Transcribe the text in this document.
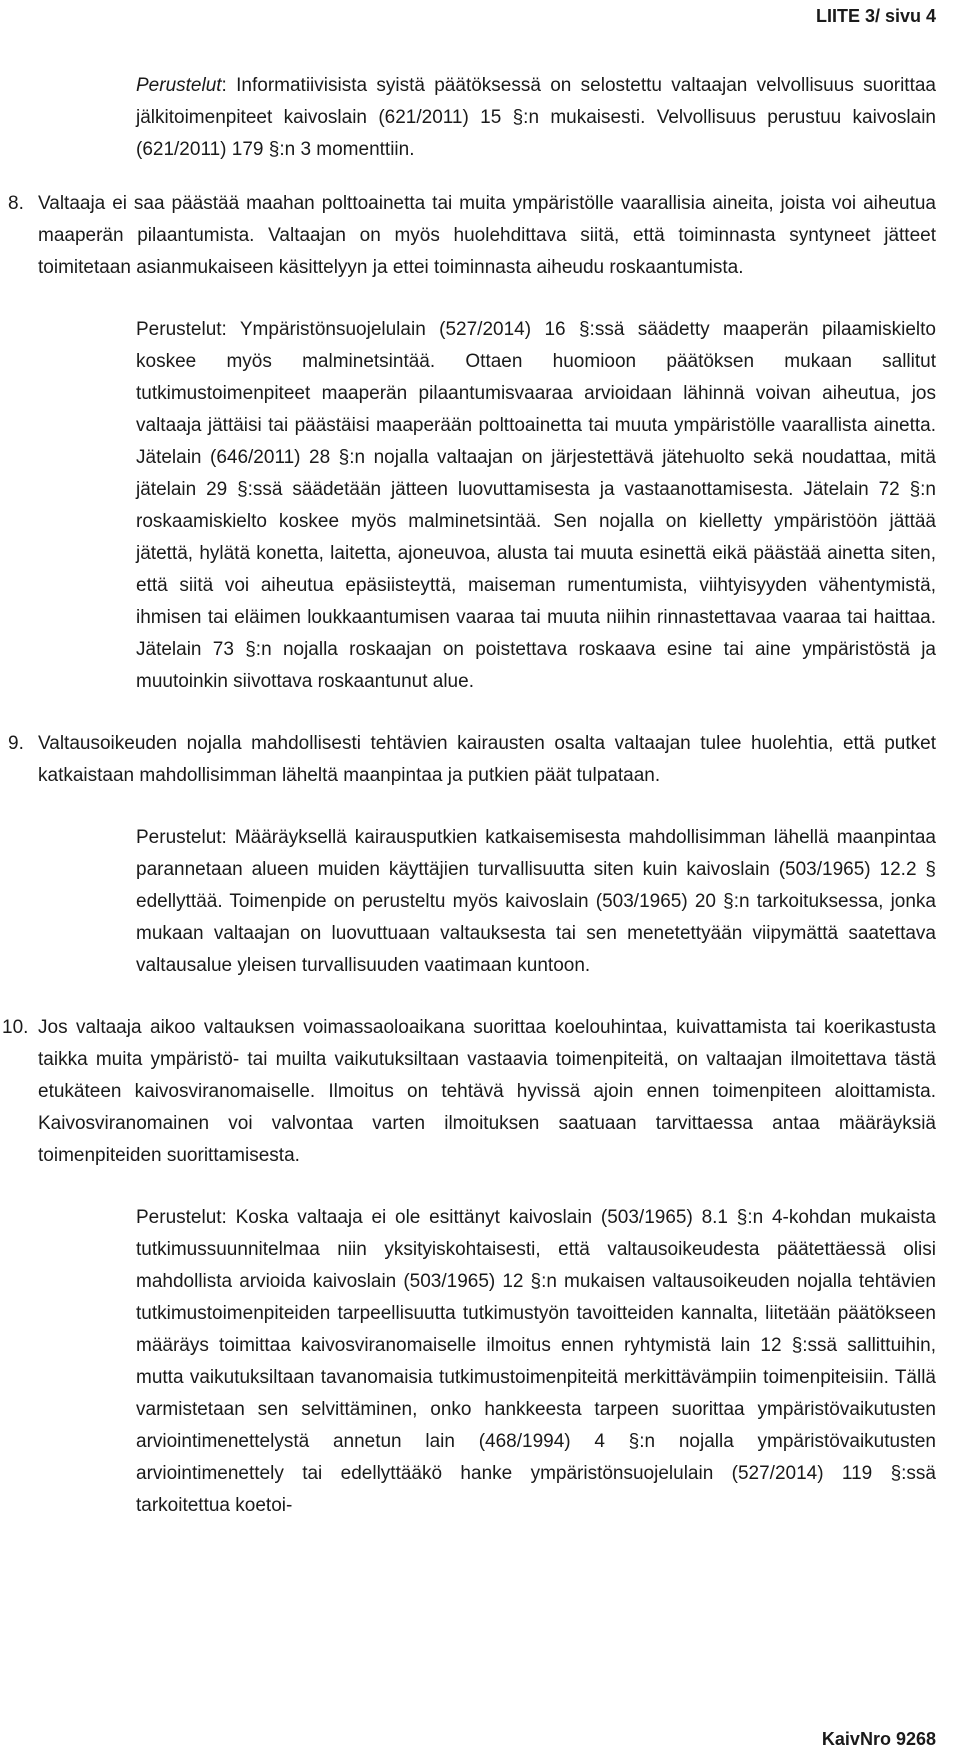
LIITE 3/ sivu 4

Perustelut: Informatiivisista syistä päätöksessä on selostettu valtaajan velvollisuus suorittaa jälkitoimenpiteet kaivoslain (621/2011) 15 §:n mukaisesti. Velvollisuus perustuu kaivoslain (621/2011) 179 §:n 3 momenttiin.

8. Valtaaja ei saa päästää maahan polttoainetta tai muita ympäristölle vaarallisia aineita, joista voi aiheutua maaperän pilaantumista. Valtaajan on myös huolehdittava siitä, että toiminnasta syntyneet jätteet toimitetaan asianmukaiseen käsittelyyn ja ettei toiminnasta aiheudu roskaantumista.

Perustelut: Ympäristönsuojelulain (527/2014) 16 §:ssä säädetty maaperän pilaamiskielto koskee myös malminetsintää. Ottaen huomioon päätöksen mukaan sallitut tutkimustoimenpiteet maaperän pilaantumisvaaraa arvioidaan lähinnä voivan aiheutua, jos valtaaja jättäisi tai päästäisi maaperään polttoainetta tai muuta ympäristölle vaarallista ainetta. Jätelain (646/2011) 28 §:n nojalla valtaajan on järjestettävä jätehuolto sekä noudattaa, mitä jätelain 29 §:ssä säädetään jätteen luovuttamisesta ja vastaanottamisesta. Jätelain 72 §:n roskaamiskielto koskee myös malminetsintää. Sen nojalla on kielletty ympäristöön jättää jätettä, hylätä konetta, laitetta, ajoneuvoa, alusta tai muuta esinettä eikä päästää ainetta siten, että siitä voi aiheutua epäsiisteyttä, maiseman rumentumista, viihtyisyyden vähentymistä, ihmisen tai eläimen loukkaantumisen vaaraa tai muuta niihin rinnastettavaa vaaraa tai haittaa. Jätelain 73 §:n nojalla roskaajan on poistettava roskaava esine tai aine ympäristöstä ja muutoinkin siivottava roskaantunut alue.

9. Valtausoikeuden nojalla mahdollisesti tehtävien kairausten osalta valtaajan tulee huolehtia, että putket katkaistaan mahdollisimman läheltä maanpintaa ja putkien päät tulpataan.

Perustelut: Määräyksellä kairausputkien katkaisemisesta mahdollisimman lähellä maanpintaa parannetaan alueen muiden käyttäjien turvallisuutta siten kuin kaivoslain (503/1965) 12.2 § edellyttää. Toimenpide on perusteltu myös kaivoslain (503/1965) 20 §:n tarkoituksessa, jonka mukaan valtaajan on luovuttuaan valtauksesta tai sen menetettyään viipymättä saatettava valtausalue yleisen turvallisuuden vaatimaan kuntoon.

10. Jos valtaaja aikoo valtauksen voimassaoloaikana suorittaa koelouhintaa, kuivattamista tai koerikastusta taikka muita ympäristö- tai muilta vaikutuksiltaan vastaavia toimenpiteitä, on valtaajan ilmoitettava tästä etukäteen kaivosviranomaiselle. Ilmoitus on tehtävä hyvissä ajoin ennen toimenpiteen aloittamista. Kaivosviranomainen voi valvontaa varten ilmoituksen saatuaan tarvittaessa antaa määräyksiä toimenpiteiden suorittamisesta.

Perustelut: Koska valtaaja ei ole esittänyt kaivoslain (503/1965) 8.1 §:n 4-kohdan mukaista tutkimussuunnitelmaa niin yksityiskohtaisesti, että valtausoikeudesta päätettäessä olisi mahdollista arvioida kaivoslain (503/1965) 12 §:n mukaisen valtausoikeuden nojalla tehtävien tutkimustoimenpiteiden tarpeellisuutta tutkimustyön tavoitteiden kannalta, liitetään päätökseen määräys toimittaa kaivosviranomaiselle ilmoitus ennen ryhtymistä lain 12 §:ssä sallittuihin, mutta vaikutuksiltaan tavanomaisia tutkimustoimenpiteitä merkittävämpiin toimenpiteisiin. Tällä varmistetaan sen selvittäminen, onko hankkeesta tarpeen suorittaa ympäristövaikutusten arviointimenettelystä annetun lain (468/1994) 4 §:n nojalla ympäristövaikutusten arviointimenettely tai edellyttääkö hanke ympäristönsuojelulain (527/2014) 119 §:ssä tarkoitettua koetoi-

KaivNro 9268
